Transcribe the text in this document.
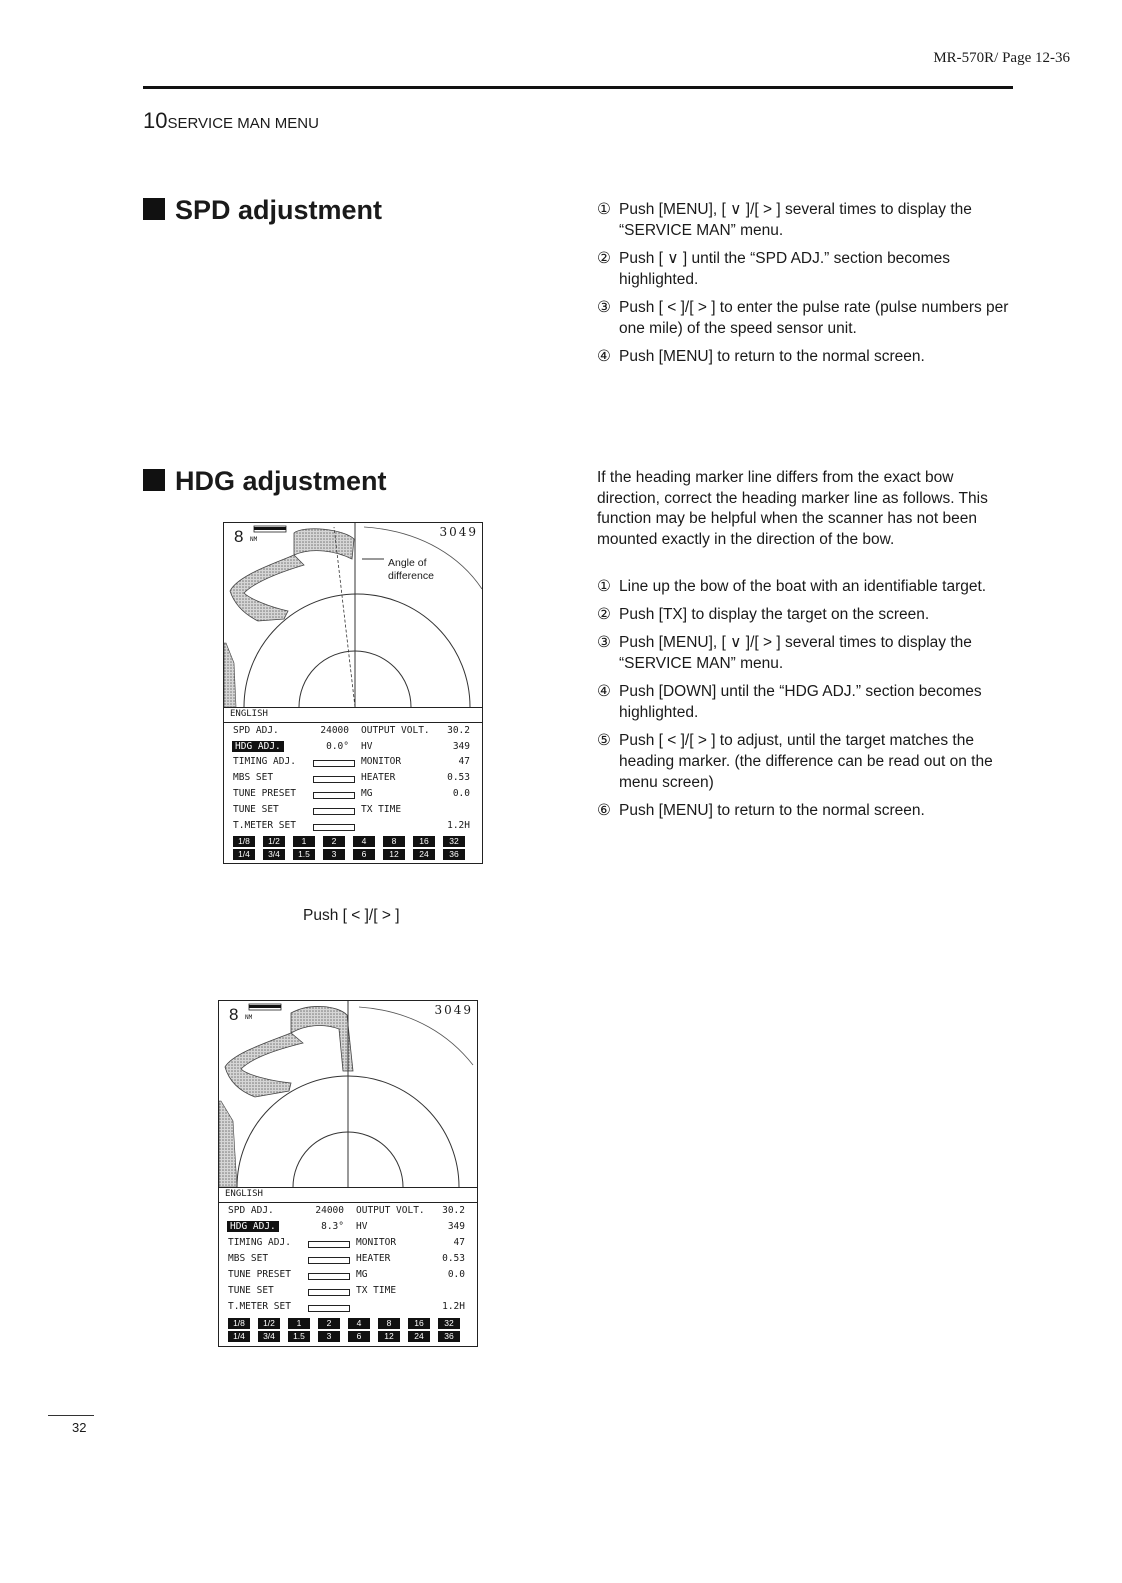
MR-570R/ Page 12-36
10SERVICE MAN MENU
SPD adjustment	① Push [MENU], [ ∨ ]/[ > ] several times to display the “SERVICE MAN” menu.
② Push [ ∨ ] until the “SPD ADJ.” section becomes highlighted.
③ Push [ < ]/[ > ] to enter the pulse rate (pulse numbers per one mile) of the speed sensor unit.
④ Push [MENU] to return to the normal screen.
HDG adjustment	If the heading marker line differs from the exact bow direction, correct the heading marker line as follows. This function may be helpful when the scanner has not been mounted exactly in the direction of the bow.
① Line up the bow of the boat with an identifiable target.
② Push [TX] to display the target on the screen.
③ Push [MENU], [ ∨ ]/[ > ] several times to display the “SERVICE MAN” menu.
④ Push [DOWN] until the “HDG ADJ.” section becomes highlighted.
⑤ Push [ < ]/[ > ] to adjust, until the target matches the heading marker. (the difference can be read out on the menu screen)
⑥ Push [MENU] to return to the normal screen.
8 NM
3049
Angle of
difference
ENGLISH
SPD ADJ.	24000 OUTPUT VOLT. 30.2
HDG ADJ.	0.0° HV	349
TIMING ADJ.	MONITOR	47
MBS SET	HEATER	0.53
TUNE PRESET	MG	0.0
TUNE SET	TX TIME
T.METER SET	1.2H
1/8	1/2	1	2	4	8	16	32
1/4	3/4	1.5	3	6	12	24	36
Push [ < ]/[ > ]
8 NM
3049
ENGLISH
SPD ADJ.	24000 OUTPUT VOLT. 30.2
HDG ADJ.	8.3° HV	349
TIMING ADJ.	MONITOR	47
MBS SET	HEATER	0.53
TUNE PRESET	MG	0.0
TUNE SET	TX TIME
T.METER SET	1.2H
1/8	1/2	1	2	4	8	16	32
1/4	3/4	1.5	3	6	12	24	36
32
